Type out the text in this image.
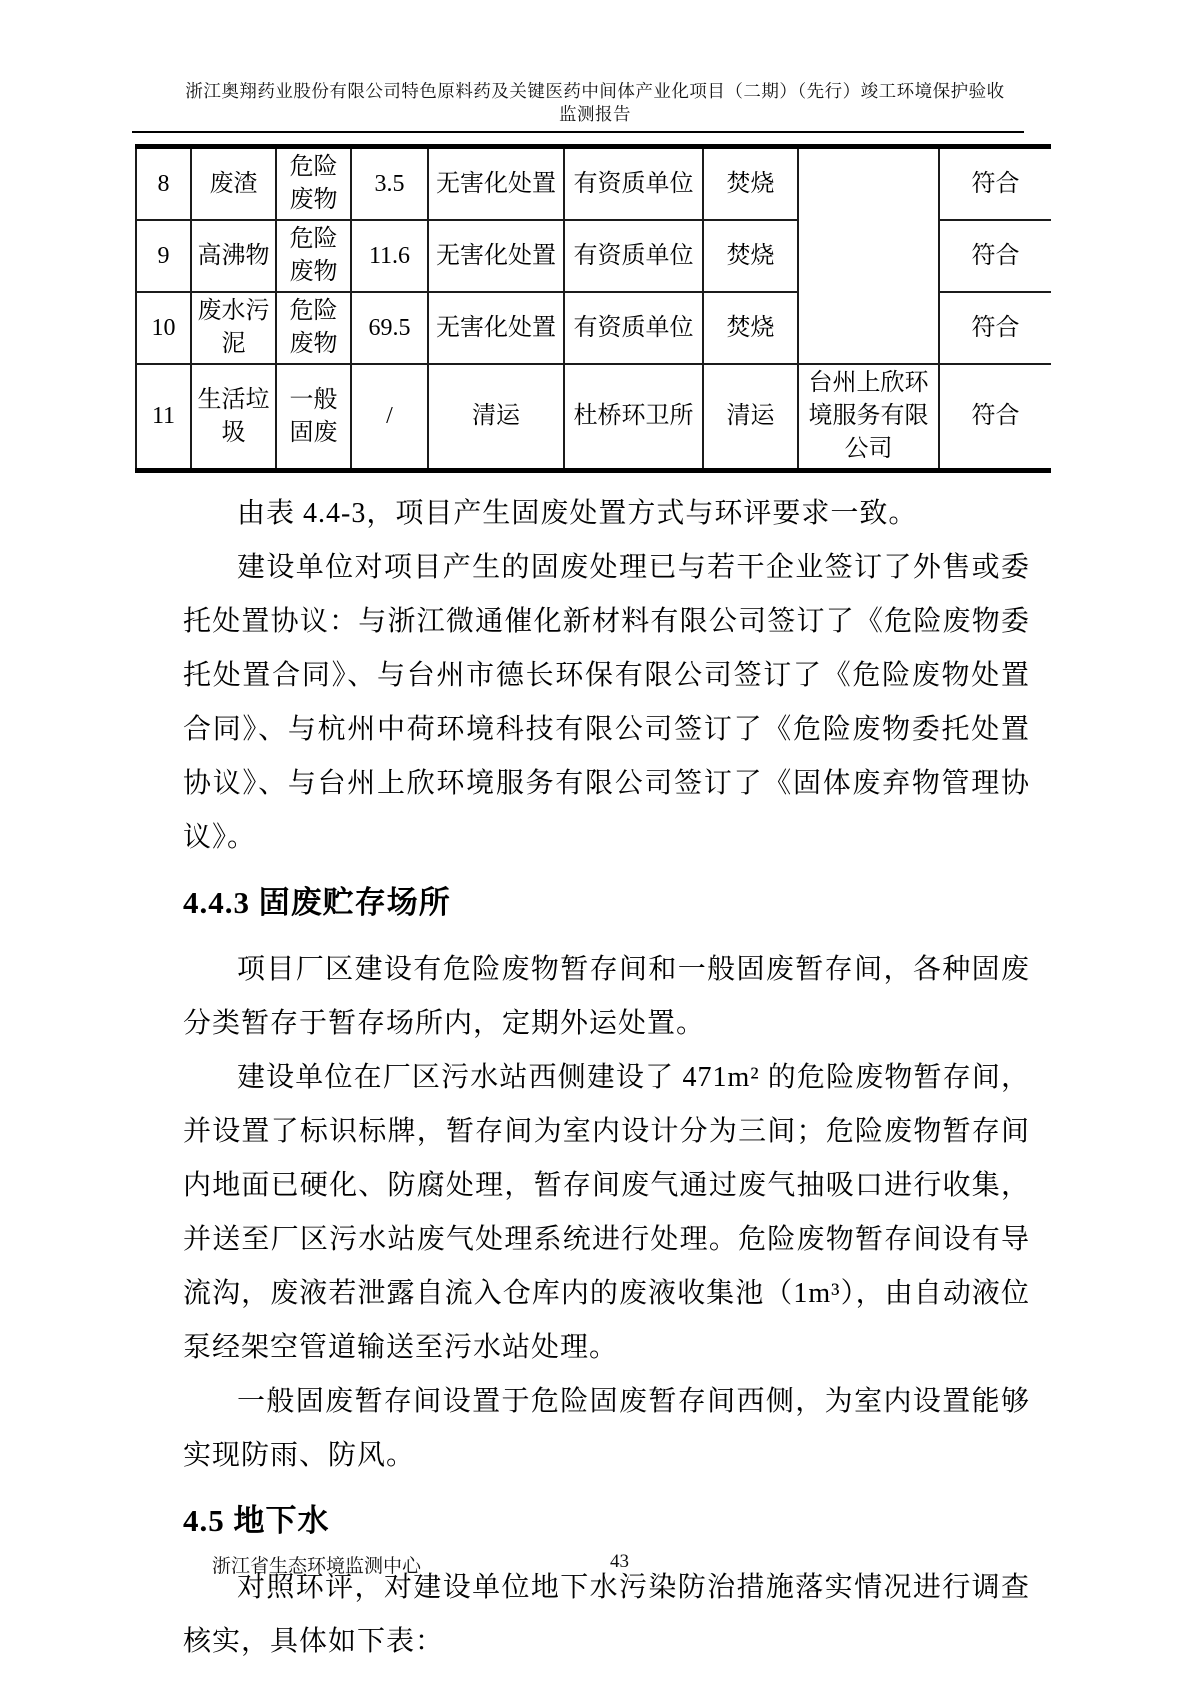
浙江奥翔药业股份有限公司特色原料药及关键医药中间体产业化项目（二期）（先行）竣工环境保护验收
监测报告
8	废渣	危险废物	3.5	无害化处置	有资质单位	焚烧		符合
9	高沸物	危险废物	11.6	无害化处置	有资质单位	焚烧		符合
10	废水污泥	危险废物	69.5	无害化处置	有资质单位	焚烧		符合
11	生活垃圾	一般固废	/	清运	杜桥环卫所	清运	台州上欣环境服务有限公司	符合

由表 4.4-3，项目产生固废处置方式与环评要求一致。

建设单位对项目产生的固废处理已与若干企业签订了外售或委托处置协议：与浙江微通催化新材料有限公司签订了《危险废物委托处置合同》、与台州市德长环保有限公司签订了《危险废物处置合同》、与杭州中荷环境科技有限公司签订了《危险废物委托处置协议》、与台州上欣环境服务有限公司签订了《固体废弃物管理协议》。

4.4.3 固废贮存场所

项目厂区建设有危险废物暂存间和一般固废暂存间，各种固废分类暂存于暂存场所内，定期外运处置。

建设单位在厂区污水站西侧建设了 471m² 的危险废物暂存间，并设置了标识标牌，暂存间为室内设计分为三间；危险废物暂存间内地面已硬化、防腐处理，暂存间废气通过废气抽吸口进行收集，并送至厂区污水站废气处理系统进行处理。危险废物暂存间设有导流沟，废液若泄露自流入仓库内的废液收集池（1m³），由自动液位泵经架空管道输送至污水站处理。

一般固废暂存间设置于危险固废暂存间西侧，为室内设置能够实现防雨、防风。

4.5 地下水

对照环评，对建设单位地下水污染防治措施落实情况进行调查核实，具体如下表：

浙江省生态环境监测中心	43
